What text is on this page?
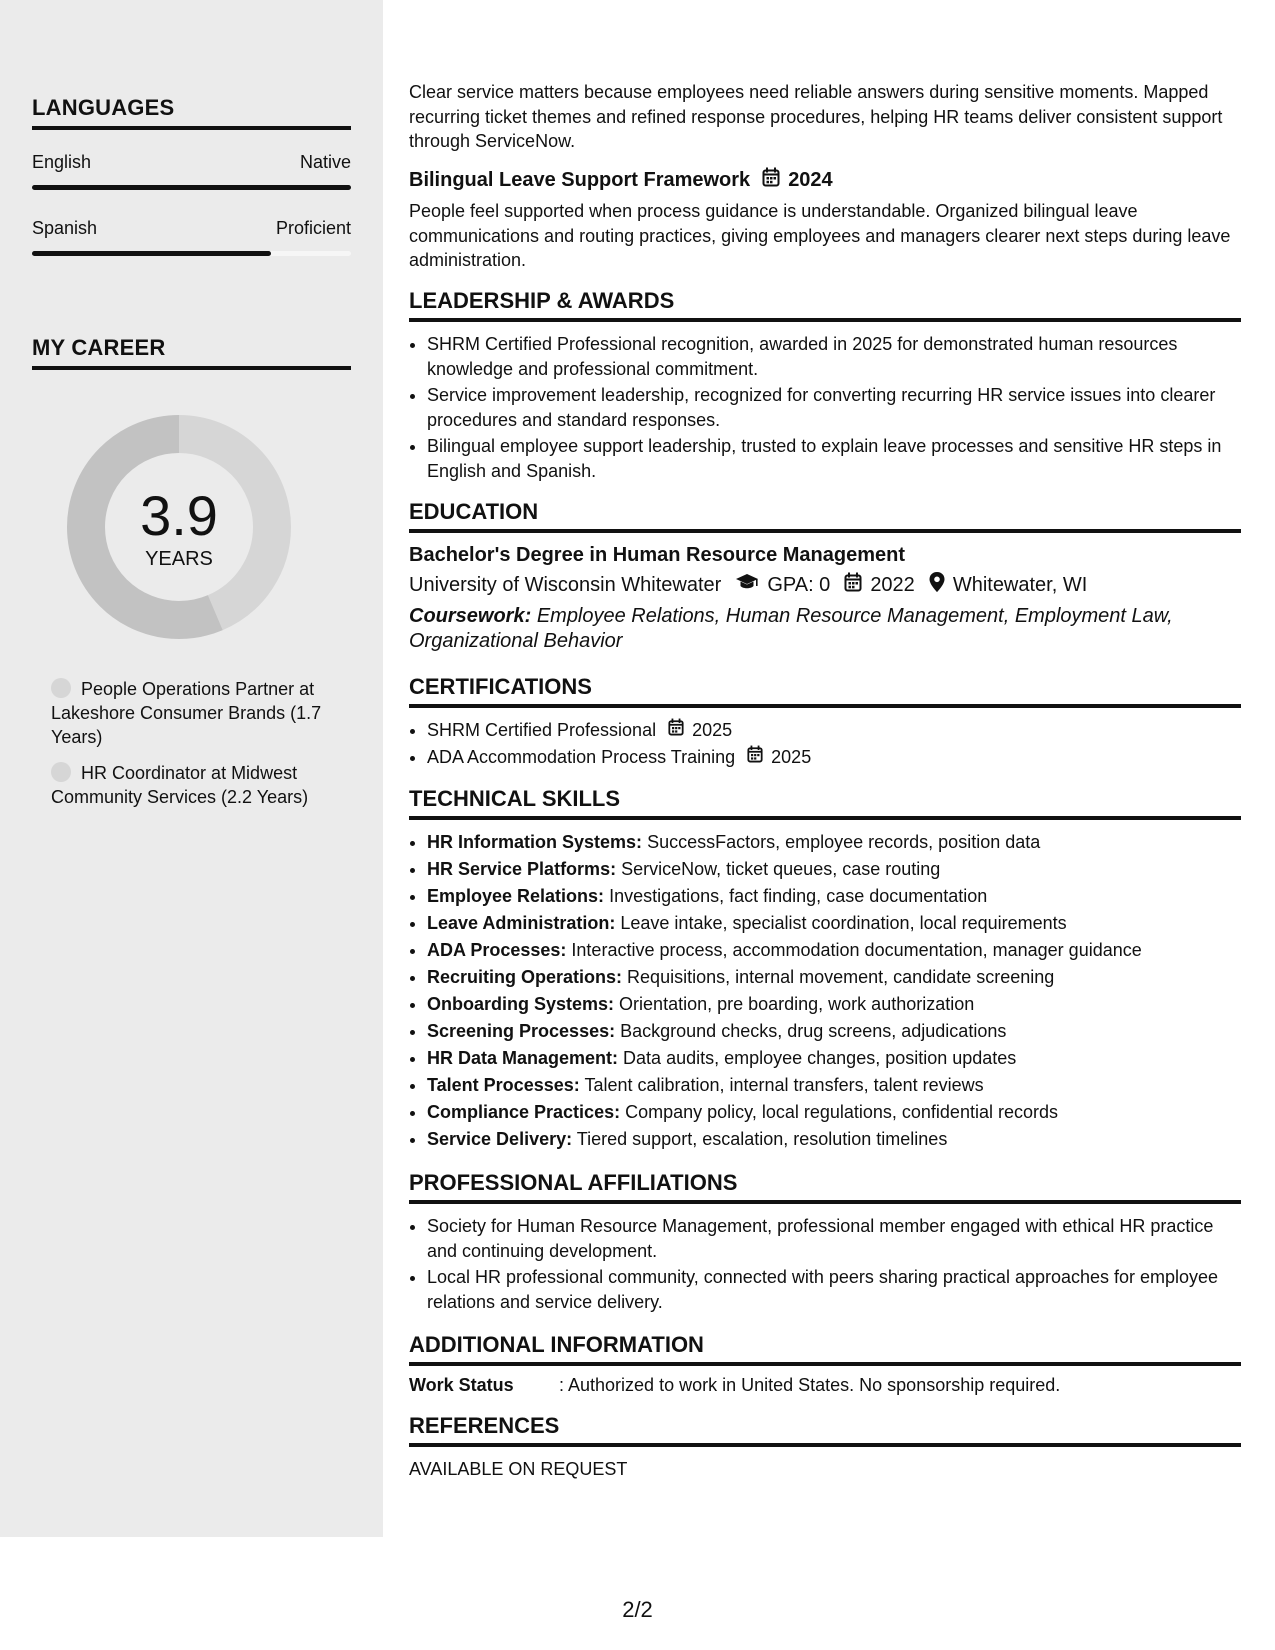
LANGUAGES
English	Native
Spanish	Proficient
MY CAREER
3.9
YEARS
People Operations Partner at Lakeshore Consumer Brands (1.7 Years)
HR Coordinator at Midwest Community Services (2.2 Years)

Clear service matters because employees need reliable answers during sensitive moments. Mapped recurring ticket themes and refined response procedures, helping HR teams deliver consistent support through ServiceNow.

Bilingual Leave Support Framework 2024

People feel supported when process guidance is understandable. Organized bilingual leave communications and routing practices, giving employees and managers clearer next steps during leave administration.

LEADERSHIP & AWARDS
• SHRM Certified Professional recognition, awarded in 2025 for demonstrated human resources knowledge and professional commitment.
• Service improvement leadership, recognized for converting recurring HR service issues into clearer procedures and standard responses.
• Bilingual employee support leadership, trusted to explain leave processes and sensitive HR steps in English and Spanish.
EDUCATION
Bachelor's Degree in Human Resource Management
University of Wisconsin Whitewater GPA: 0 2022 Whitewater, WI
Coursework: Employee Relations, Human Resource Management, Employment Law, Organizational Behavior
CERTIFICATIONS
• SHRM Certified Professional 2025
• ADA Accommodation Process Training 2025
TECHNICAL SKILLS
• HR Information Systems: SuccessFactors, employee records, position data
• HR Service Platforms: ServiceNow, ticket queues, case routing
• Employee Relations: Investigations, fact finding, case documentation
• Leave Administration: Leave intake, specialist coordination, local requirements
• ADA Processes: Interactive process, accommodation documentation, manager guidance
• Recruiting Operations: Requisitions, internal movement, candidate screening
• Onboarding Systems: Orientation, pre boarding, work authorization
• Screening Processes: Background checks, drug screens, adjudications
• HR Data Management: Data audits, employee changes, position updates
• Talent Processes: Talent calibration, internal transfers, talent reviews
• Compliance Practices: Company policy, local regulations, confidential records
• Service Delivery: Tiered support, escalation, resolution timelines
PROFESSIONAL AFFILIATIONS
• Society for Human Resource Management, professional member engaged with ethical HR practice and continuing development.
• Local HR professional community, connected with peers sharing practical approaches for employee relations and service delivery.
ADDITIONAL INFORMATION
Work Status	: Authorized to work in United States. No sponsorship required.
REFERENCES
AVAILABLE ON REQUEST
2/2
